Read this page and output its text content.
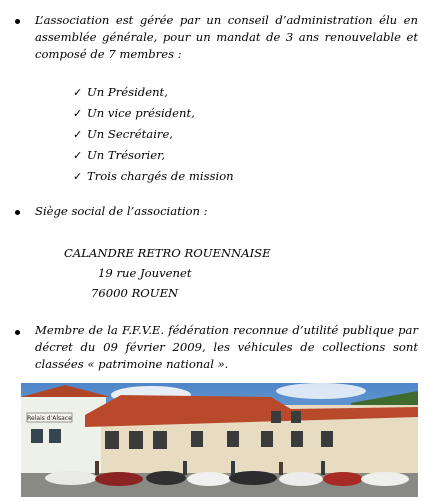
L’association est gérée par un conseil d’administration élu en assemblée générale, pour un mandat de 3 ans renouvelable et composé de 7 membres :
✓ Un Président,
✓ Un vice président,
✓ Un Secrétaire,
✓ Un Trésorier,
✓ Trois chargés de mission
Siège social de l’association :
CALANDRE RETRO ROUENNAISE
19 rue Jouvenet
76000 ROUEN
Membre de la F.F.V.E. fédération reconnue d’utilité publique par décret du 09 février 2009, les véhicules de collections sont classées « patrimoine national ».
Relais d'Alsace
